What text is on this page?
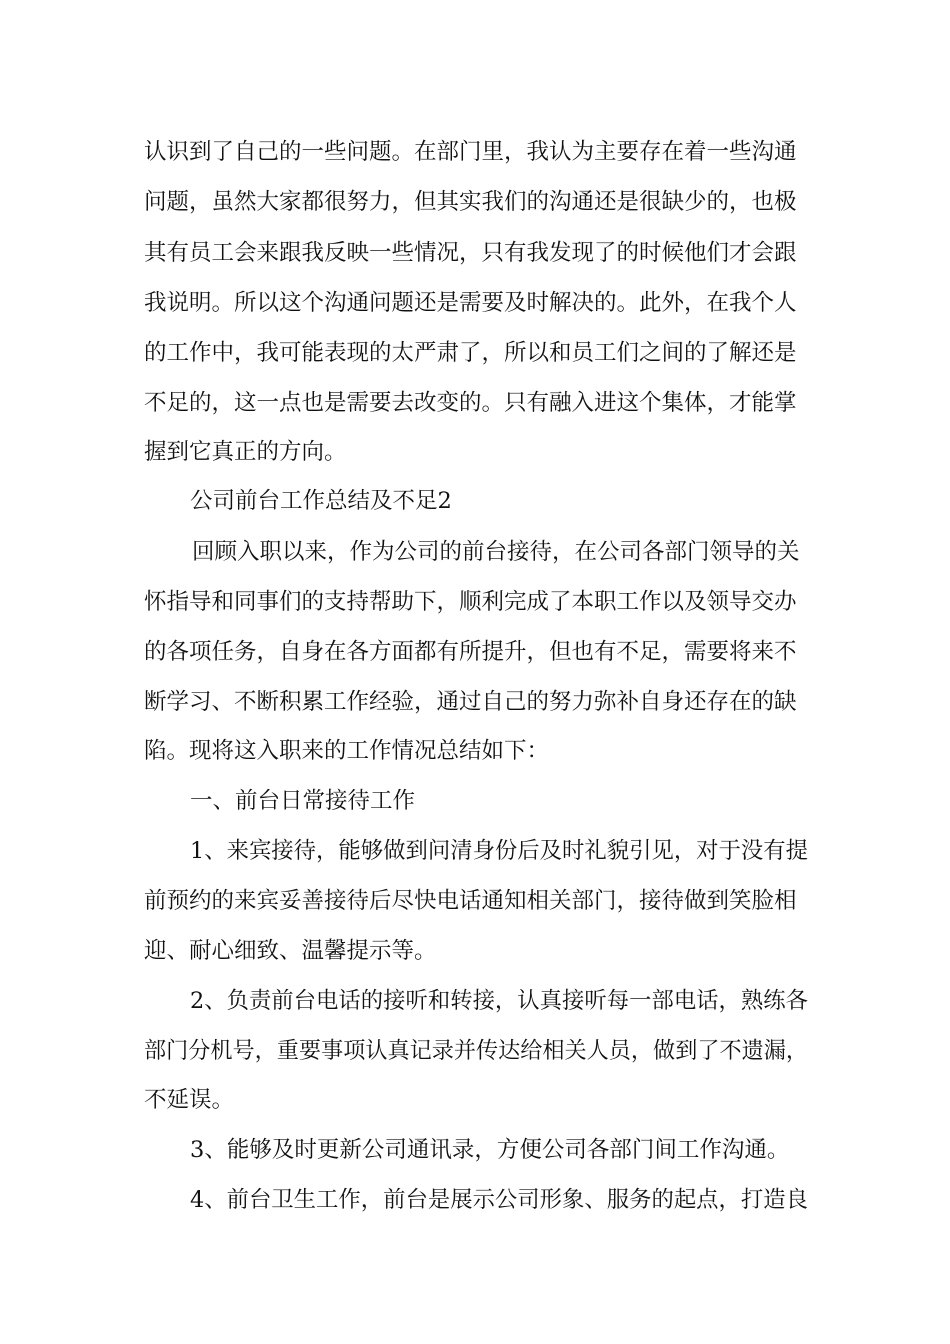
认识到了自己的一些问题。在部门里，我认为主要存在着一些沟通
问题，虽然大家都很努力，但其实我们的沟通还是很缺少的，也极
其有员工会来跟我反映一些情况，只有我发现了的时候他们才会跟
我说明。所以这个沟通问题还是需要及时解决的。此外，在我个人
的工作中，我可能表现的太严肃了，所以和员工们之间的了解还是
不足的，这一点也是需要去改变的。只有融入进这个集体，才能掌
握到它真正的方向。
公司前台工作总结及不足2
回顾入职以来，作为公司的前台接待，在公司各部门领导的关
怀指导和同事们的支持帮助下，顺利完成了本职工作以及领导交办
的各项任务，自身在各方面都有所提升，但也有不足，需要将来不
断学习、不断积累工作经验，通过自己的努力弥补自身还存在的缺
陷。现将这入职来的工作情况总结如下：
一、前台日常接待工作
1、来宾接待，能够做到问清身份后及时礼貌引见，对于没有提
前预约的来宾妥善接待后尽快电话通知相关部门，接待做到笑脸相
迎、耐心细致、温馨提示等。
2、负责前台电话的接听和转接，认真接听每一部电话，熟练各
部门分机号，重要事项认真记录并传达给相关人员，做到了不遗漏，
不延误。
3、能够及时更新公司通讯录，方便公司各部门间工作沟通。
4、前台卫生工作，前台是展示公司形象、服务的起点，打造良
